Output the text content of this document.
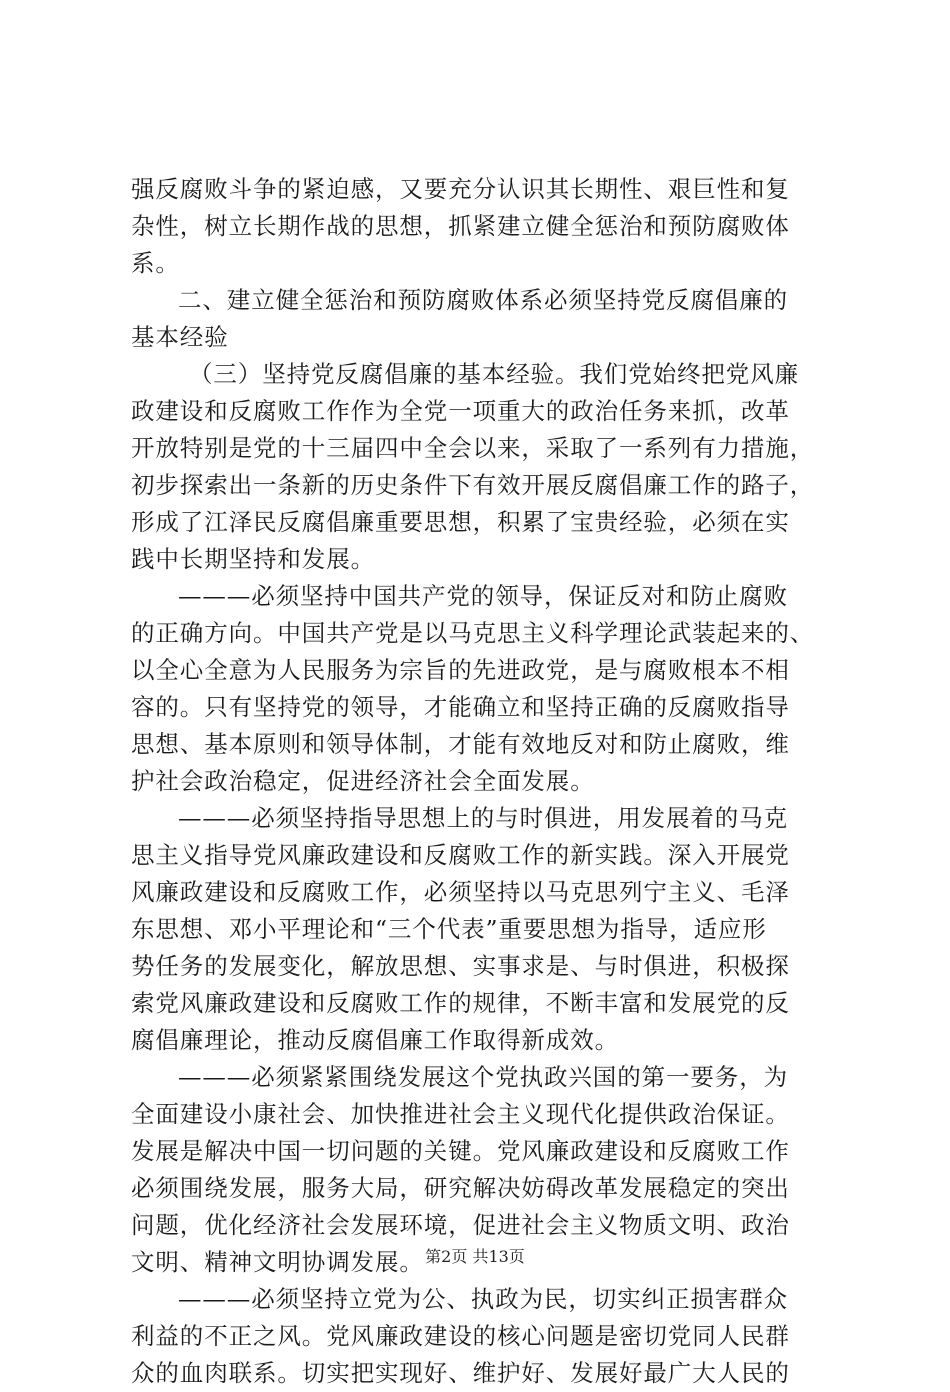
强反腐败斗争的紧迫感，又要充分认识其长期性、艰巨性和复
杂性，树立长期作战的思想，抓紧建立健全惩治和预防腐败体
系。
二、建立健全惩治和预防腐败体系必须坚持党反腐倡廉的
基本经验
（三）坚持党反腐倡廉的基本经验。我们党始终把党风廉
政建设和反腐败工作作为全党一项重大的政治任务来抓，改革
开放特别是党的十三届四中全会以来，采取了一系列有力措施，
初步探索出一条新的历史条件下有效开展反腐倡廉工作的路子，
形成了江泽民反腐倡廉重要思想，积累了宝贵经验，必须在实
践中长期坚持和发展。
———必须坚持中国共产党的领导，保证反对和防止腐败
的正确方向。中国共产党是以马克思主义科学理论武装起来的、
以全心全意为人民服务为宗旨的先进政党，是与腐败根本不相
容的。只有坚持党的领导，才能确立和坚持正确的反腐败指导
思想、基本原则和领导体制，才能有效地反对和防止腐败，维
护社会政治稳定，促进经济社会全面发展。
———必须坚持指导思想上的与时俱进，用发展着的马克
思主义指导党风廉政建设和反腐败工作的新实践。深入开展党
风廉政建设和反腐败工作，必须坚持以马克思列宁主义、毛泽
东思想、邓小平理论和“三个代表”重要思想为指导，适应形
势任务的发展变化，解放思想、实事求是、与时俱进，积极探
索党风廉政建设和反腐败工作的规律，不断丰富和发展党的反
腐倡廉理论，推动反腐倡廉工作取得新成效。
———必须紧紧围绕发展这个党执政兴国的第一要务，为
全面建设小康社会、加快推进社会主义现代化提供政治保证。
发展是解决中国一切问题的关键。党风廉政建设和反腐败工作
必须围绕发展，服务大局，研究解决妨碍改革发展稳定的突出
问题，优化经济社会发展环境，促进社会主义物质文明、政治
文明、精神文明协调发展。
———必须坚持立党为公、执政为民，切实纠正损害群众
利益的不正之风。党风廉政建设的核心问题是密切党同人民群
众的血肉联系。切实把实现好、维护好、发展好最广大人民的
第2页 共13页
